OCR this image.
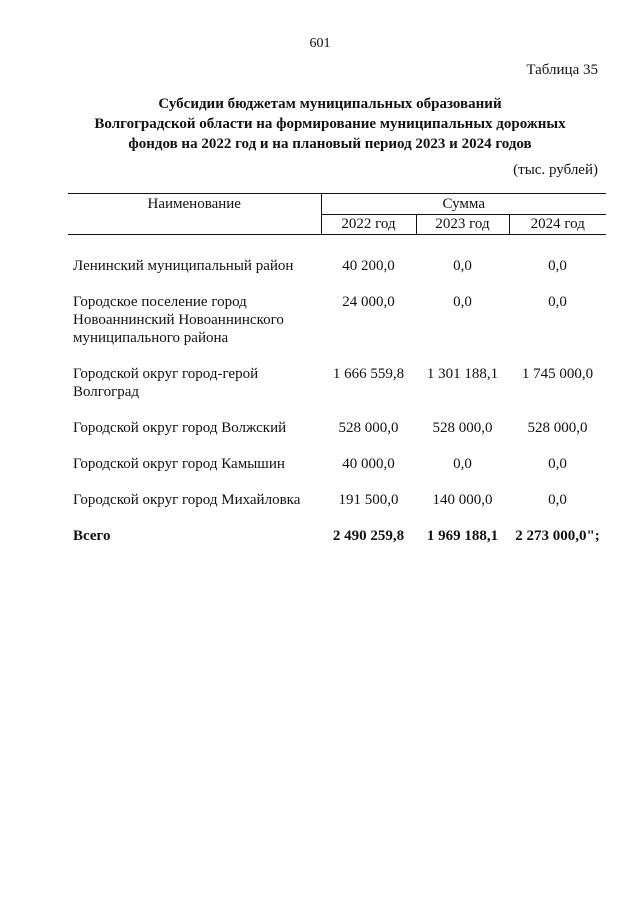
601
Таблица 35
Субсидии бюджетам муниципальных образований
Волгоградской области на формирование муниципальных дорожных
фондов на 2022 год и на плановый период 2023 и 2024 годов
(тыс. рублей)
Наименование	Сумма		
	2022 год	2023 год	2024 год
Ленинский муниципальный район	40 200,0	0,0	0,0
Городское поселение город Новоаннинский Новоаннинского муниципального района	24 000,0	0,0	0,0
Городской округ город-герой Волгоград	1 666 559,8	1 301 188,1	1 745 000,0
Городской округ город Волжский	528 000,0	528 000,0	528 000,0
Городской округ город Камышин	40 000,0	0,0	0,0
Городской округ город Михайловка	191 500,0	140 000,0	0,0
Всего	2 490 259,8	1 969 188,1	2 273 000,0";
